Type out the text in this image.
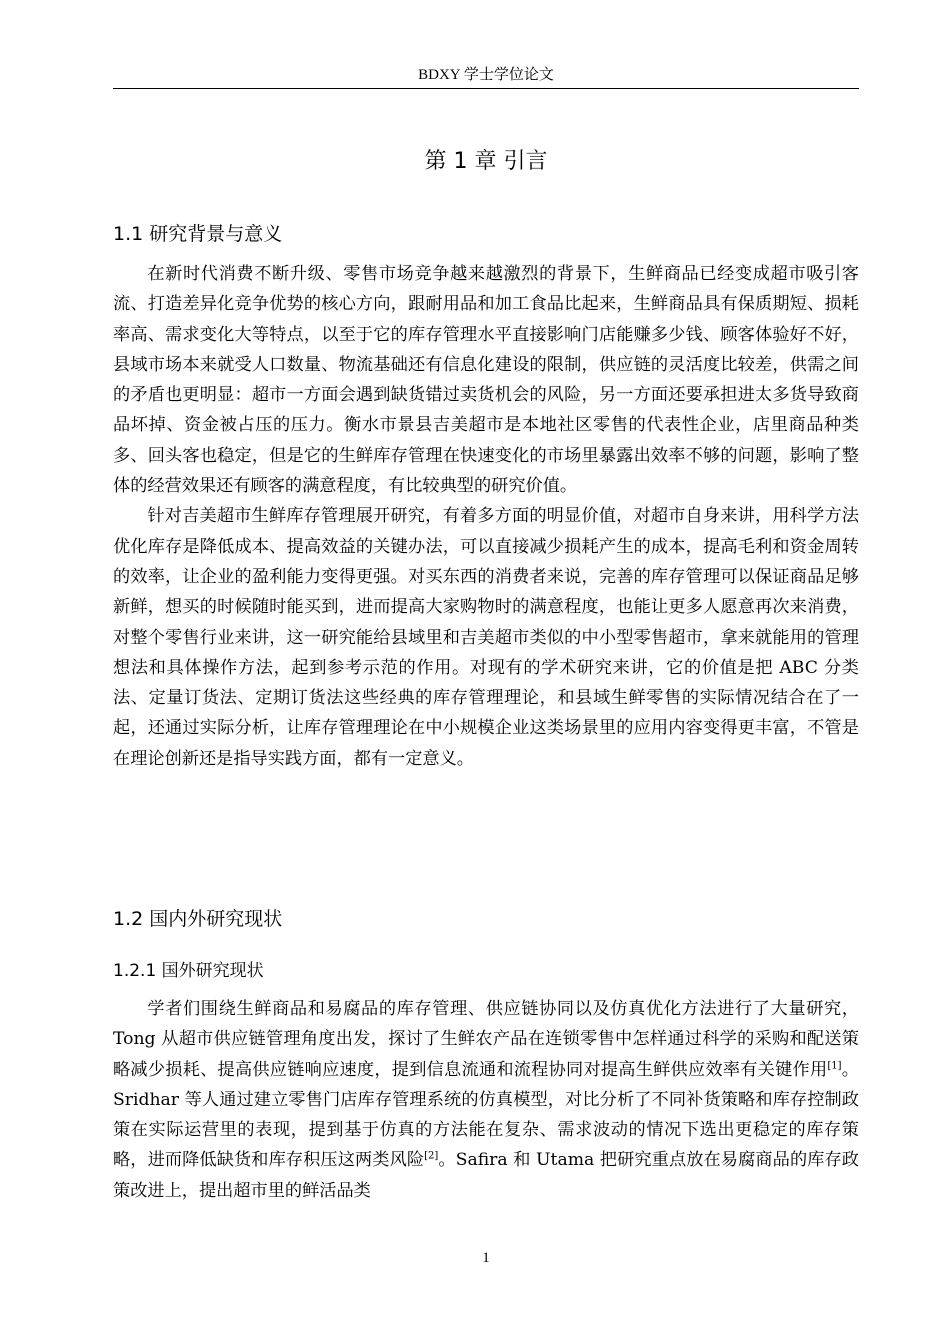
BDXY 学士学位论文
第 1 章 引言
1.1 研究背景与意义

在新时代消费不断升级、零售市场竞争越来越激烈的背景下，生鲜商品已经变成超市吸引客流、打造差异化竞争优势的核心方向，跟耐用品和加工食品比起来，生鲜商品具有保质期短、损耗率高、需求变化大等特点，以至于它的库存管理水平直接影响门店能赚多少钱、顾客体验好不好，县域市场本来就受人口数量、物流基础还有信息化建设的限制，供应链的灵活度比较差，供需之间的矛盾也更明显：超市一方面会遇到缺货错过卖货机会的风险，另一方面还要承担进太多货导致商品坏掉、资金被占压的压力。衡水市景县吉美超市是本地社区零售的代表性企业，店里商品种类多、回头客也稳定，但是它的生鲜库存管理在快速变化的市场里暴露出效率不够的问题，影响了整体的经营效果还有顾客的满意程度，有比较典型的研究价值。

针对吉美超市生鲜库存管理展开研究，有着多方面的明显价值，对超市自身来讲，用科学方法优化库存是降低成本、提高效益的关键办法，可以直接减少损耗产生的成本，提高毛利和资金周转的效率，让企业的盈利能力变得更强。对买东西的消费者来说，完善的库存管理可以保证商品足够新鲜，想买的时候随时能买到，进而提高大家购物时的满意程度，也能让更多人愿意再次来消费，对整个零售行业来讲，这一研究能给县域里和吉美超市类似的中小型零售超市，拿来就能用的管理想法和具体操作方法，起到参考示范的作用。对现有的学术研究来讲，它的价值是把 ABC 分类法、定量订货法、定期订货法这些经典的库存管理理论，和县域生鲜零售的实际情况结合在了一起，还通过实际分析，让库存管理理论在中小规模企业这类场景里的应用内容变得更丰富，不管是在理论创新还是指导实践方面，都有一定意义。

1.2 国内外研究现状
1.2.1 国外研究现状

学者们围绕生鲜商品和易腐品的库存管理、供应链协同以及仿真优化方法进行了大量研究，Tong 从超市供应链管理角度出发，探讨了生鲜农产品在连锁零售中怎样通过科学的采购和配送策略减少损耗、提高供应链响应速度，提到信息流通和流程协同对提高生鲜供应效率有关键作用[1]。Sridhar 等人通过建立零售门店库存管理系统的仿真模型，对比分析了不同补货策略和库存控制政策在实际运营里的表现，提到基于仿真的方法能在复杂、需求波动的情况下选出更稳定的库存策略，进而降低缺货和库存积压这两类风险[2]。Safira 和 Utama 把研究重点放在易腐商品的库存政策改进上，提出超市里的鲜活品类

1
